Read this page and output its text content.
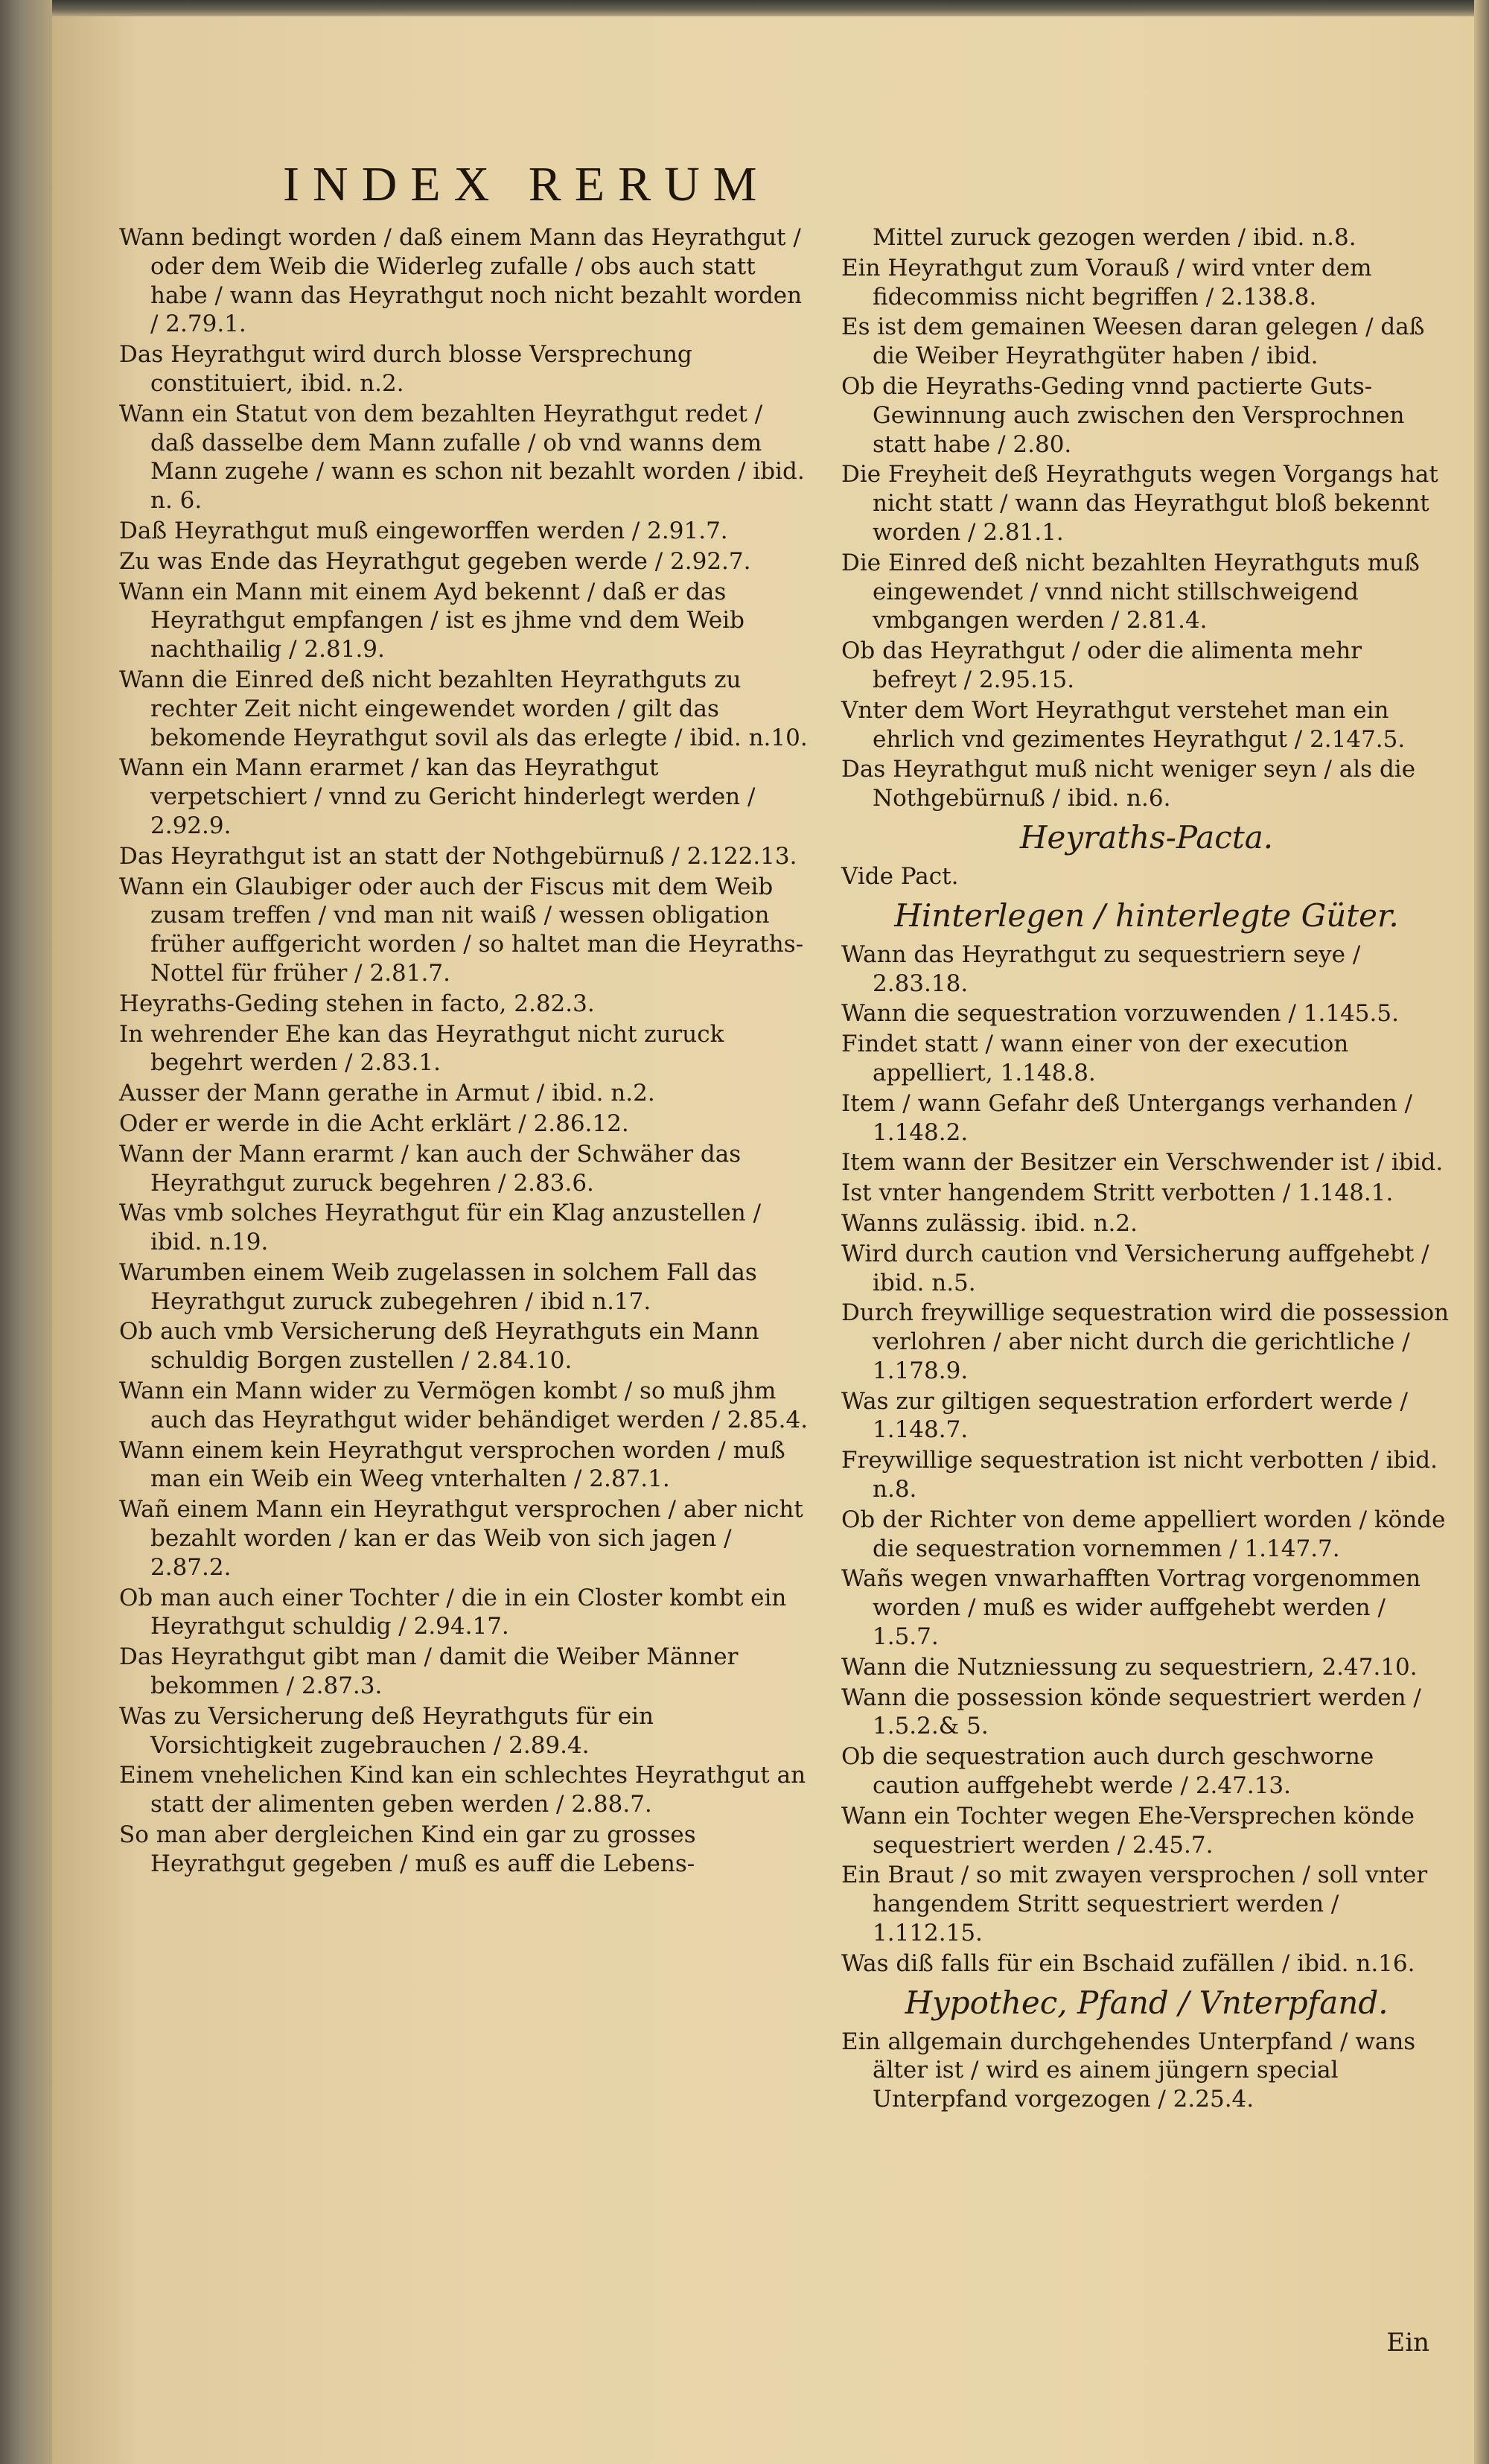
INDEX RERUM

Wann bedingt worden / daß einem Mann das Heyrathgut / oder dem Weib die Widerleg zufalle / obs auch statt habe / wann das Heyrathgut noch nicht bezahlt worden / 2.79.1.

Das Heyrathgut wird durch blosse Versprechung constituiert, ibid. n.2.

Wann ein Statut von dem bezahlten Heyrathgut redet / daß dasselbe dem Mann zufalle / ob vnd wanns dem Mann zugehe / wann es schon nit bezahlt worden / ibid. n. 6.

Daß Heyrathgut muß eingeworffen werden / 2.91.7.

Zu was Ende das Heyrathgut gegeben werde / 2.92.7.

Wann ein Mann mit einem Ayd bekennt / daß er das Heyrathgut empfangen / ist es jhme vnd dem Weib nachthailig / 2.81.9.

Wann die Einred deß nicht bezahlten Heyrathguts zu rechter Zeit nicht eingewendet worden / gilt das bekomende Heyrathgut sovil als das erlegte / ibid. n.10.

Wann ein Mann erarmet / kan das Heyrathgut verpetschiert / vnnd zu Gericht hinderlegt werden / 2.92.9.

Das Heyrathgut ist an statt der Nothgebürnuß / 2.122.13.

Wann ein Glaubiger oder auch der Fiscus mit dem Weib zusam treffen / vnd man nit waiß / wessen obligation früher auffgericht worden / so haltet man die Heyraths-Nottel für früher / 2.81.7.

Heyraths-Geding stehen in facto, 2.82.3.

In wehrender Ehe kan das Heyrathgut nicht zuruck begehrt werden / 2.83.1.

Ausser der Mann gerathe in Armut / ibid. n.2.

Oder er werde in die Acht erklärt / 2.86.12.

Wann der Mann erarmt / kan auch der Schwäher das Heyrathgut zuruck begehren / 2.83.6.

Was vmb solches Heyrathgut für ein Klag anzustellen / ibid. n.19.

Warumben einem Weib zugelassen in solchem Fall das Heyrathgut zuruck zubegehren / ibid n.17.

Ob auch vmb Versicherung deß Heyrathguts ein Mann schuldig Borgen zustellen / 2.84.10.

Wann ein Mann wider zu Vermögen kombt / so muß jhm auch das Heyrathgut wider behändiget werden / 2.85.4.

Wann einem kein Heyrathgut versprochen worden / muß man ein Weib ein Weeg vnterhalten / 2.87.1.

Wañ einem Mann ein Heyrathgut versprochen / aber nicht bezahlt worden / kan er das Weib von sich jagen / 2.87.2.

Ob man auch einer Tochter / die in ein Closter kombt ein Heyrathgut schuldig / 2.94.17.

Das Heyrathgut gibt man / damit die Weiber Männer bekommen / 2.87.3.

Was zu Versicherung deß Heyrathguts für ein Vorsichtigkeit zugebrauchen / 2.89.4.

Einem vnehelichen Kind kan ein schlechtes Heyrathgut an statt der alimenten geben werden / 2.88.7.

So man aber dergleichen Kind ein gar zu grosses Heyrathgut gegeben / muß es auff die Lebens-

Mittel zuruck gezogen werden / ibid. n.8.

Ein Heyrathgut zum Vorauß / wird vnter dem fidecommiss nicht begriffen / 2.138.8.

Es ist dem gemainen Weesen daran gelegen / daß die Weiber Heyrathgüter haben / ibid.

Ob die Heyraths-Geding vnnd pactierte Guts-Gewinnung auch zwischen den Versprochnen statt habe / 2.80.

Die Freyheit deß Heyrathguts wegen Vorgangs hat nicht statt / wann das Heyrathgut bloß bekennt worden / 2.81.1.

Die Einred deß nicht bezahlten Heyrathguts muß eingewendet / vnnd nicht stillschweigend vmbgangen werden / 2.81.4.

Ob das Heyrathgut / oder die alimenta mehr befreyt / 2.95.15.

Vnter dem Wort Heyrathgut verstehet man ein ehrlich vnd gezimentes Heyrathgut / 2.147.5.

Das Heyrathgut muß nicht weniger seyn / als die Nothgebürnuß / ibid. n.6.

Heyraths-Pacta.

Vide Pact.

Hinterlegen / hinterlegte Güter.

Wann das Heyrathgut zu sequestriern seye / 2.83.18.

Wann die sequestration vorzuwenden / 1.145.5.

Findet statt / wann einer von der execution appelliert, 1.148.8.

Item / wann Gefahr deß Untergangs verhanden / 1.148.2.

Item wann der Besitzer ein Verschwender ist / ibid.

Ist vnter hangendem Stritt verbotten / 1.148.1.

Wanns zulässig. ibid. n.2.

Wird durch caution vnd Versicherung auffgehebt / ibid. n.5.

Durch freywillige sequestration wird die possession verlohren / aber nicht durch die gerichtliche / 1.178.9.

Was zur giltigen sequestration erfordert werde / 1.148.7.

Freywillige sequestration ist nicht verbotten / ibid. n.8.

Ob der Richter von deme appelliert worden / könde die sequestration vornemmen / 1.147.7.

Wañs wegen vnwarhafften Vortrag vorgenommen worden / muß es wider auffgehebt werden / 1.5.7.

Wann die Nutzniessung zu sequestriern, 2.47.10.

Wann die possession könde sequestriert werden / 1.5.2.& 5.

Ob die sequestration auch durch geschworne caution auffgehebt werde / 2.47.13.

Wann ein Tochter wegen Ehe-Versprechen könde sequestriert werden / 2.45.7.

Ein Braut / so mit zwayen versprochen / soll vnter hangendem Stritt sequestriert werden / 1.112.15.

Was diß falls für ein Bschaid zufällen / ibid. n.16.

Hypothec, Pfand / Vnterpfand.

Ein allgemain durchgehendes Unterpfand / wans älter ist / wird es ainem jüngern special Unterpfand vorgezogen / 2.25.4.

Ein
